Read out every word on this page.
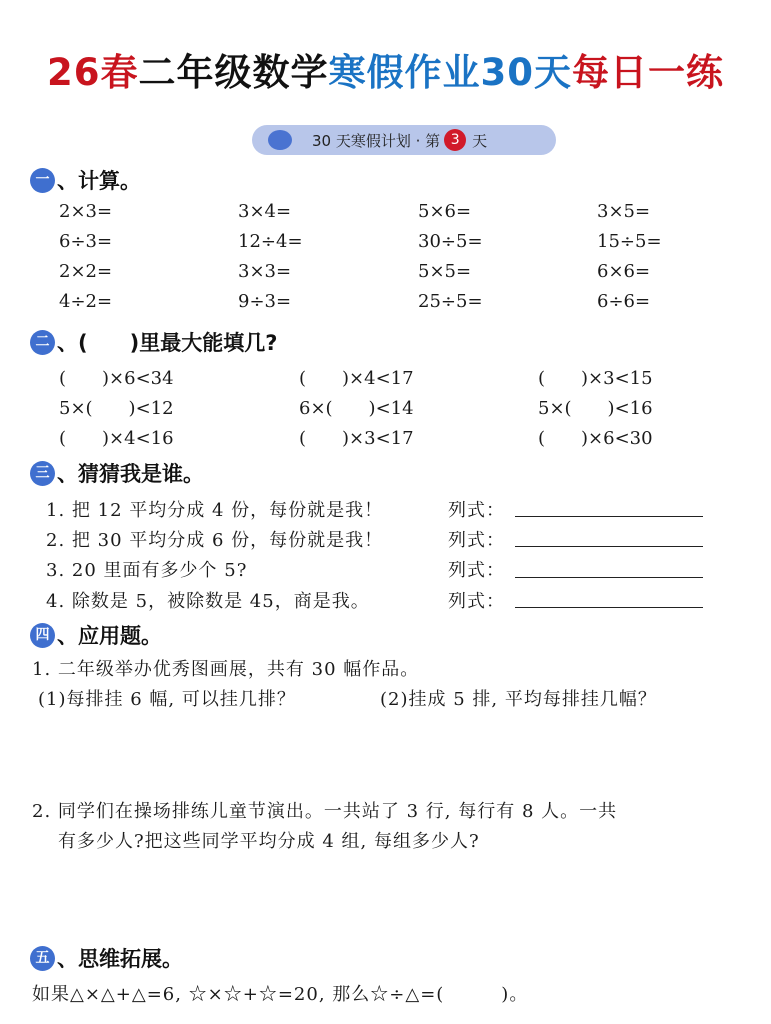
26春二年级数学寒假作业30天每日一练
30 天寒假计划 · 第 3 天
一 、计算。
2×3=	3×4=	5×6=	3×5=
6÷3=	12÷4=	30÷5=	15÷5=
2×2=	3×3=	5×5=	6×6=
4÷2=	9÷3=	25÷5=	6÷6=
二 、(　　)里最大能填几?
(　　)×6<34	(　　)×4<17	(　　)×3<15
5×(　　)<12	6×(　　)<14	5×(　　)<16
(　　)×4<16	(　　)×3<17	(　　)×6<30
三 、猜猜我是谁。
1. 把 12 平均分成 4 份，每份就是我！	列式：
2. 把 30 平均分成 6 份，每份就是我！	列式：
3. 20 里面有多少个 5?	列式：
4. 除数是 5，被除数是 45，商是我。	列式：
四 、应用题。
1. 二年级举办优秀图画展，共有 30 幅作品。
(1)每排挂 6 幅, 可以挂几排？	(2)挂成 5 排, 平均每排挂几幅？
2. 同学们在操场排练儿童节演出。一共站了 3 行, 每行有 8 人。一共
有多少人?把这些同学平均分成 4 组, 每组多少人?
五 、思维拓展。
如果△×△+△=6, ☆×☆+☆=20, 那么☆÷△=(　　　)。
